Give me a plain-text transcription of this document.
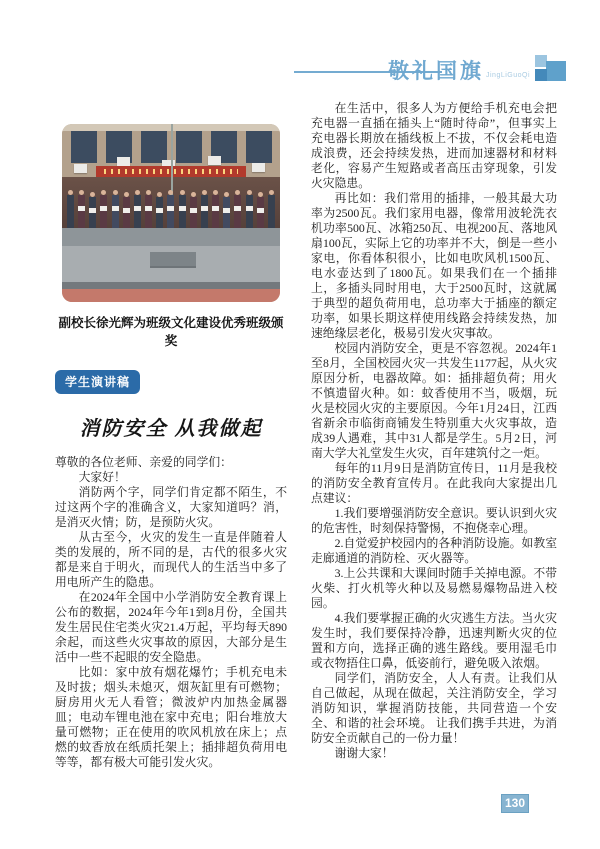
敬礼国旗 JingLiGuoQi
副校长徐光辉为班级文化建设优秀班级颁奖
学生演讲稿
消防安全 从我做起

尊敬的各位老师、亲爱的同学们：

大家好！

消防两个字，同学们肯定都不陌生，不过这两个字的准确含义，大家知道吗？消，是消灭火情；防，是预防火灾。

从古至今，火灾的发生一直是伴随着人类的发展的，所不同的是，古代的很多火灾都是来自于明火，而现代人的生活当中多了用电所产生的隐患。

在2024年全国中小学消防安全教育课上公布的数据，2024年今年1到8月份，全国共发生居民住宅类火灾21.4万起，平均每天890余起，而这些火灾事故的原因，大部分是生活中一些不起眼的安全隐患。

比如：家中放有烟花爆竹；手机充电未及时拔；烟头未熄灭，烟灰缸里有可燃物；厨房用火无人看管；微波炉内加热金属器皿；电动车锂电池在家中充电；阳台堆放大量可燃物；正在使用的吹风机放在床上；点燃的蚊香放在纸质托架上；插排超负荷用电等等，都有极大可能引发火灾。

在生活中，很多人为方便给手机充电会把充电器一直插在插头上“随时待命”，但事实上充电器长期放在插线板上不拔，不仅会耗电造成浪费，还会持续发热，进而加速器材和材料老化，容易产生短路或者高压击穿现象，引发火灾隐患。

再比如：我们常用的插排，一般其最大功率为2500瓦。我们家用电器，像常用波轮洗衣机功率500瓦、冰箱250瓦、电视200瓦、落地风扇100瓦，实际上它的功率并不大，倒是一些小家电，你看体积很小，比如电吹风机1500瓦、电水壶达到了1800瓦。如果我们在一个插排上，多插头同时用电，大于2500瓦时，这就属于典型的超负荷用电，总功率大于插座的额定功率，如果长期这样使用线路会持续发热，加速绝缘层老化，极易引发火灾事故。

校园内消防安全，更是不容忽视。2024年1至8月，全国校园火灾一共发生1177起，从火灾原因分析，电器故障。如：插排超负荷；用火不慎遗留火种。如：蚊香使用不当，吸烟，玩火是校园火灾的主要原因。今年1月24日，江西省新余市临街商铺发生特别重大火灾事故，造成39人遇难，其中31人都是学生。5月2日，河南大学大礼堂发生火灾，百年建筑付之一炬。

每年的11月9日是消防宣传日，11月是我校的消防安全教育宣传月。在此我向大家提出几点建议：

1.我们要增强消防安全意识。要认识到火灾的危害性，时刻保持警惕，不抱侥幸心理。

2.自觉爱护校园内的各种消防设施。如教室走廊通道的消防栓、灭火器等。

3.上公共课和大课间时随手关掉电源。不带火柴、打火机等火种以及易燃易爆物品进入校园。

4.我们要掌握正确的火灾逃生方法。当火灾发生时，我们要保持冷静，迅速判断火灾的位置和方向，选择正确的逃生路线。要用湿毛巾或衣物捂住口鼻，低姿前行，避免吸入浓烟。

同学们，消防安全，人人有责。让我们从自己做起，从现在做起，关注消防安全，学习消防知识，掌握消防技能，共同营造一个安全、和谐的社会环境。 让我们携手共进，为消防安全贡献自己的一份力量！

谢谢大家！

130
